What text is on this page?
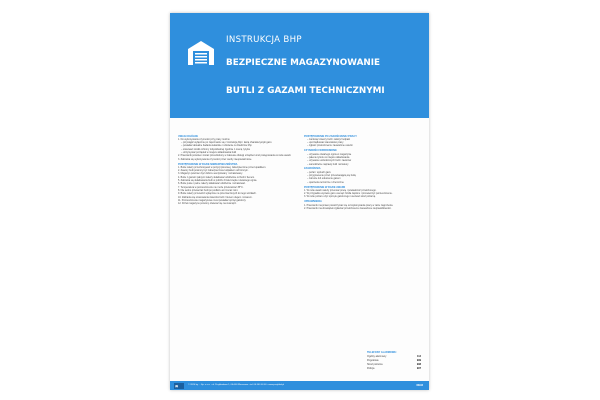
INSTRUKCJA BHP
BEZPIECZNE MAGAZYNOWANIE
BUTLI Z GAZAMI TECHNICZNYMI
UWAGI OGÓLNE
1. Do wykonywania czynności przy pracy można:
– przystąpić wyłącznie po zapoznaniu się z instrukcją bhp i kartą charakterystyki gazu
– posiadać aktualne badania lekarskie i szkolenie w dziedzinie bhp
– stosować środki ochrony indywidualnej zgodnie z oceną ryzyka
– utrzymywać porządek w miejscu składowania butli
2. Pracownik powinien zostać przeszkolony w zakresie obsługi urządzeń oraz postępowania w razie awarii.
3. Zabrania się wykonywania czynności przez osoby nieupoważnione.
POSTĘPOWANIE W RAZIE NIEBEZPIECZEŃSTWA
1. Butle należy przechowywać w pozycji pionowej, zabezpieczone przed upadkiem.
2. Zawory butli powinny być zabezpieczone kołpakiem ochronnym.
3. Magazyn powinien być dobrze wentylowany i oznakowany.
4. Butle z gazami palnymi należy składować oddzielnie od butli z tlenem.
5. Zabrania się składowania butli w pobliżu źródeł ciepła i otwartego ognia.
6. Butle puste i pełne należy składować oddzielnie i oznakować.
7. Temperatura w pomieszczeniu nie może przekraczać 35°C.
8. Nie wolno przetaczać butli po podłożu ani rzucać nimi.
9. Butle należy przewozić wyłącznie na przeznaczonych do tego wózkach.
10. Zabrania się smarowania zaworów butli z tlenem olejem i smarem.
11. Pomieszczenie magazynowe musi posiadać sprzęt gaśniczy.
12. Drzwi magazynu powinny otwierać się na zewnątrz.
POSTĘPOWANIE PO ZAKOŃCZENIU PRACY
– zamknąć zawory butli i nałożyć kołpaki
– uporządkować stanowisko pracy
– zgłosić przełożonemu zauważone usterki
CZYNNOŚCI WZBRONIONE
– używanie otwartego ognia w magazynie
– palenie tytoniu w miejscu składowania
– używanie uszkodzonych butli i zaworów
– samodzielne naprawy butli i armatury
ZAGROŻENIA
– pożar i wybuch gazu
– przygniecenie przez przewracającą się butlę
– zatrucie lub uduszenie gazem
– oparzenia termiczne i chemiczne
POSTĘPOWANIE W RAZIE AWARII
1. W razie awarii należy przerwać pracę i powiadomić przełożonego.
2. W przypadku wycieku gazu usunąć źródła zapłonu i przewietrzyć pomieszczenie.
3. W razie pożaru użyć sprzętu gaśniczego i wezwać straż pożarną.
UPRAWNIENIA
1. Pracownik ma prawo powstrzymać się od wykonywania pracy w razie zagrożenia.
2. Pracownik ma obowiązek zgłaszać przełożonemu zauważone nieprawidłowości.
TELEFONY ALARMOWE:
Ogólny alarmowy	112
Pogotowie	999
Straż pożarna	998
Policja	997
≋	© 2024 by ... Sp. z o.o. • ul. Przykładowa 1, 00-000 Warszawa • tel. 00 000 00 00 • www.przyklad.pl	MG03
